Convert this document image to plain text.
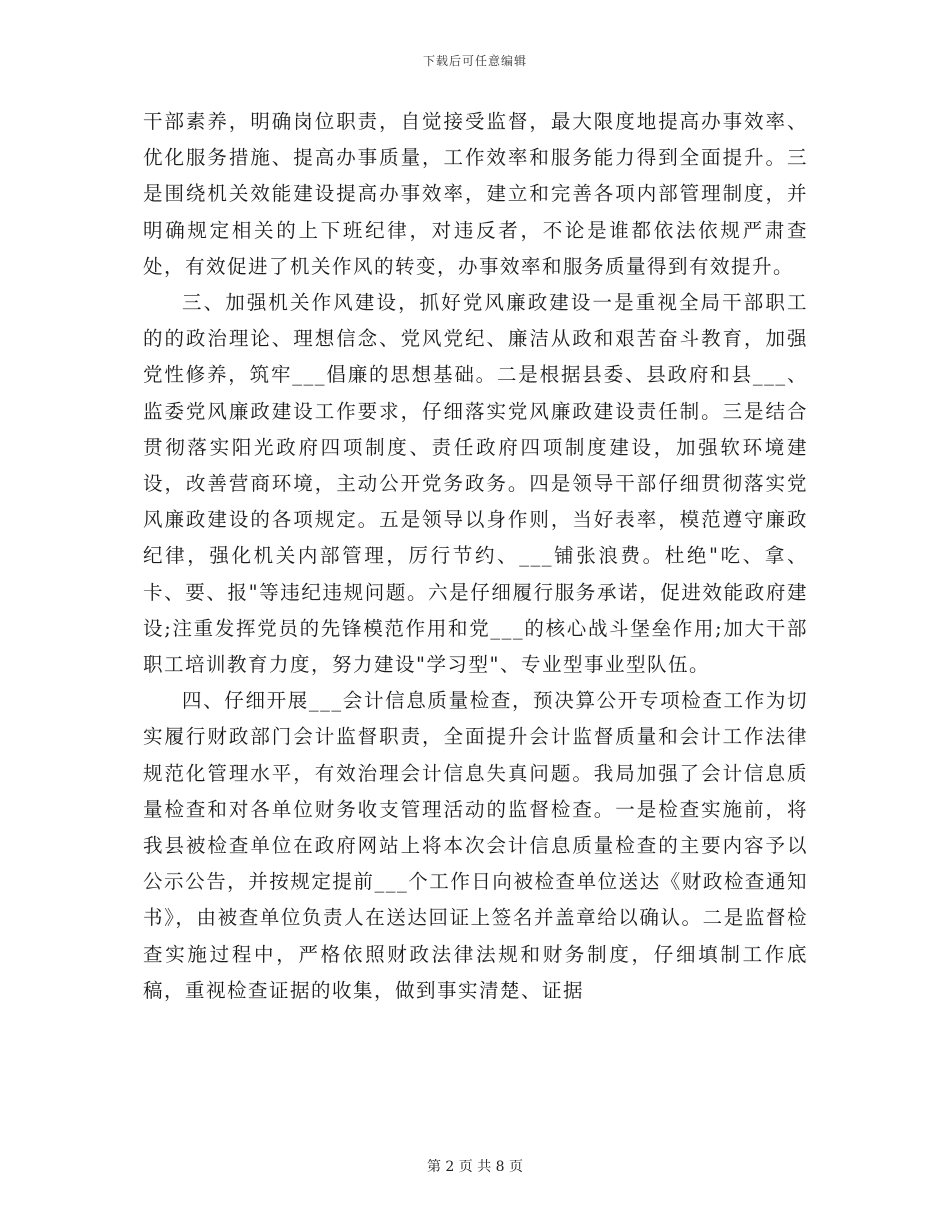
下载后可任意编辑

干部素养，明确岗位职责，自觉接受监督，最大限度地提高办事效率、优化服务措施、提高办事质量，工作效率和服务能力得到全面提升。三是围绕机关效能建设提高办事效率，建立和完善各项内部管理制度，并明确规定相关的上下班纪律，对违反者，不论是谁都依法依规严肃查处，有效促进了机关作风的转变，办事效率和服务质量得到有效提升。

三、加强机关作风建设，抓好党风廉政建设一是重视全局干部职工的的政治理论、理想信念、党风党纪、廉洁从政和艰苦奋斗教育，加强党性修养，筑牢___倡廉的思想基础。二是根据县委、县政府和县___、监委党风廉政建设工作要求，仔细落实党风廉政建设责任制。三是结合贯彻落实阳光政府四项制度、责任政府四项制度建设，加强软环境建设，改善营商环境，主动公开党务政务。四是领导干部仔细贯彻落实党风廉政建设的各项规定。五是领导以身作则，当好表率，模范遵守廉政纪律，强化机关内部管理，厉行节约、___铺张浪费。杜绝"吃、拿、卡、要、报"等违纪违规问题。六是仔细履行服务承诺，促进效能政府建设;注重发挥党员的先锋模范作用和党___的核心战斗堡垒作用;加大干部职工培训教育力度，努力建设"学习型"、专业型事业型队伍。

四、仔细开展___会计信息质量检查，预决算公开专项检查工作为切实履行财政部门会计监督职责，全面提升会计监督质量和会计工作法律规范化管理水平，有效治理会计信息失真问题。我局加强了会计信息质量检查和对各单位财务收支管理活动的监督检查。一是检查实施前，将我县被检查单位在政府网站上将本次会计信息质量检查的主要内容予以公示公告，并按规定提前___个工作日向被检查单位送达《财政检查通知书》，由被查单位负责人在送达回证上签名并盖章给以确认。二是监督检查实施过程中，严格依照财政法律法规和财务制度，仔细填制工作底稿，重视检查证据的收集，做到事实清楚、证据

第 2 页 共 8 页
